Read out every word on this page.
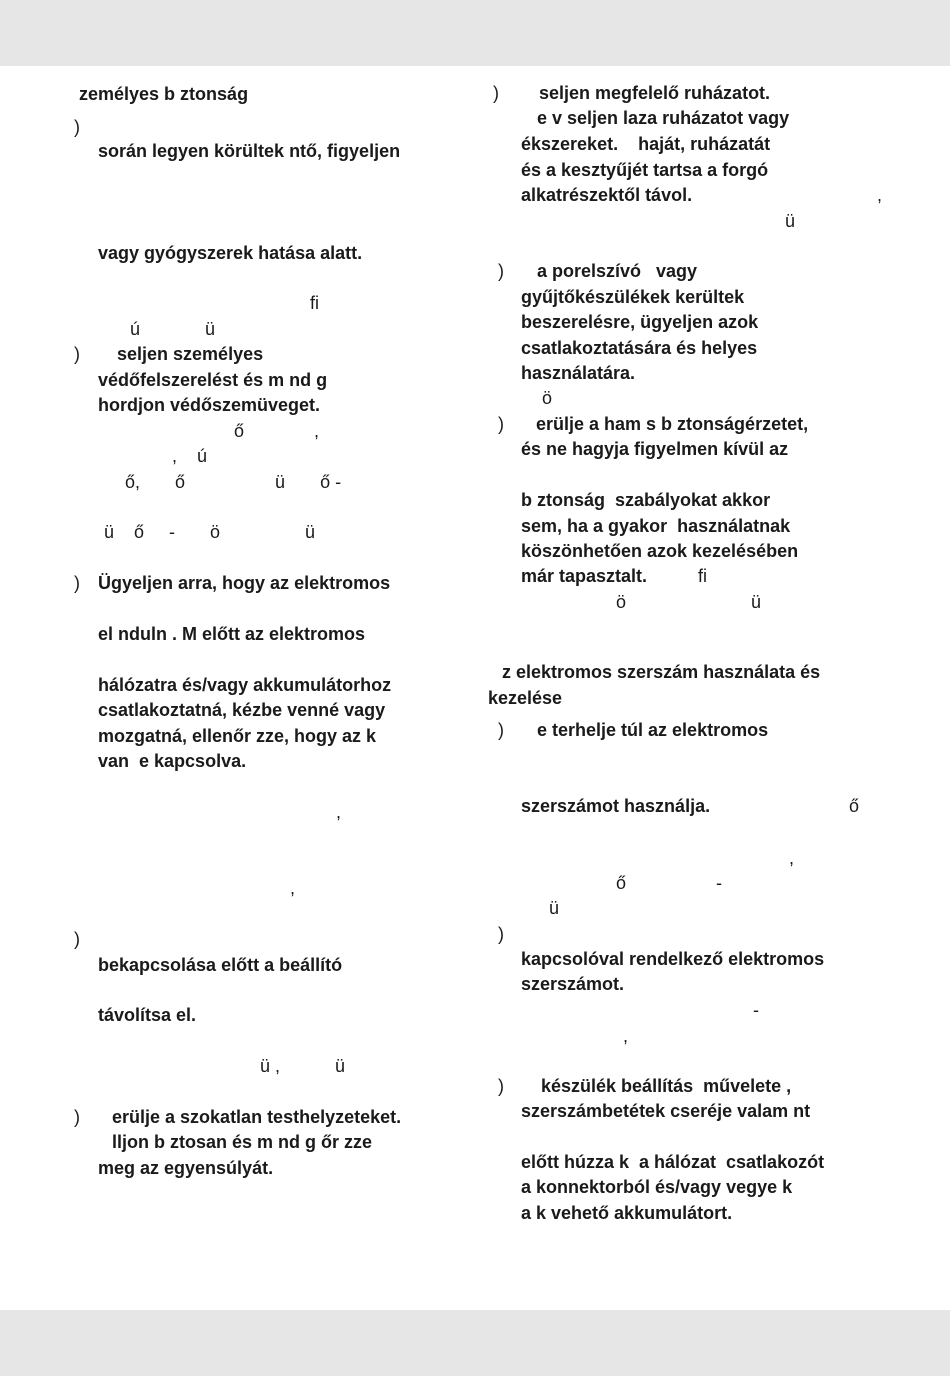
zemélyes b ztonság
)
során legyen körültek ntő, figyeljen
vagy gyógyszerek hatása alatt.
fi
ú             ü
) seljen személyes
védőfelszerelést és m nd g
hordjon védőszemüveget.
ő              ,
,    ú
ő,       ő                  ü       ő -
ü    ő     -       ö                 ü
) Ügyeljen arra, hogy az elektromos
el nduln . M előtt az elektromos
hálózatra és/vagy akkumulátorhoz
csatlakoztatná, kézbe venné vagy
mozgatná, ellenőr zze, hogy az k
van  e kapcsolva.
,
,
)
bekapcsolása előtt a beállító
távolítsa el.
ü ,           ü
) erülje a szokatlan testhelyzeteket.
lljon b ztosan és m nd g őr zze
meg az egyensúlyát.
) seljen megfelelő ruházatot.
e v seljen laza ruházatot vagy
ékszereket.    haját, ruházatát
és a kesztyűjét tartsa a forgó
alkatrészektől távol.	,
ü
) a porelszívó   vagy
gyűjtőkészülékek kerültek
beszerelésre, ügyeljen azok
csatlakoztatására és helyes
használatára.
ö
) erülje a ham s b ztonságérzetet,
és ne hagyja figyelmen kívül az
b ztonság  szabályokat akkor
sem, ha a gyakor  használatnak
köszönhetően azok kezelésében
már tapasztalt.	fi
ö                         ü
z elektromos szerszám használata és
kezelése
) e terhelje túl az elektromos
szerszámot használja.	ő
,
ő                  -
ü
)
kapcsolóval rendelkező elektromos
szerszámot.
-
,
) készülék beállítás  művelete ,
szerszámbetétek cseréje valam nt
előtt húzza k  a hálózat  csatlakozót
a konnektorból és/vagy vegye k
a k vehető akkumulátort.
